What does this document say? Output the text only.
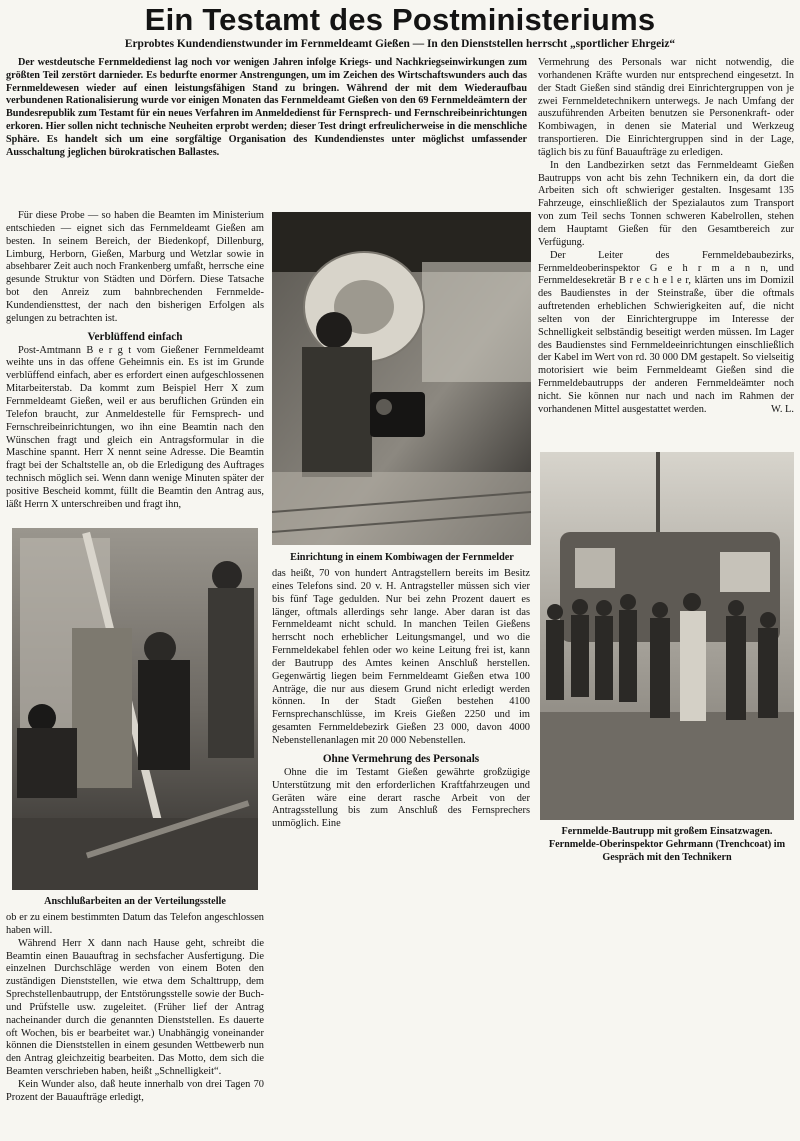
Ein Testamt des Postministeriums
Erprobtes Kundendienstwunder im Fernmeldeamt Gießen — In den Dienststellen herrscht „sportlicher Ehrgeiz“

Der westdeutsche Fernmeldedienst lag noch vor wenigen Jahren infolge Kriegs- und Nachkriegseinwirkungen zum größten Teil zerstört darnieder. Es bedurfte enormer Anstrengungen, um im Zeichen des Wirtschaftswunders auch das Fernmeldewesen wieder auf einen leistungsfähigen Stand zu bringen. Während der mit dem Wiederaufbau verbundenen Rationalisierung wurde vor einigen Monaten das Fernmeldeamt Gießen von den 69 Fernmeldeämtern der Bundesrepublik zum Testamt für ein neues Verfahren im Anmeldedienst für Fernsprech- und Fernschreibeinrichtungen erkoren. Hier sollen nicht technische Neuheiten erprobt werden; dieser Test dringt erfreulicherweise in die menschliche Sphäre. Es handelt sich um eine sorgfältige Organisation des Kundendienstes unter möglichst umfassender Ausschaltung jeglichen bürokratischen Ballastes.

Für diese Probe — so haben die Beamten im Ministerium entschieden — eignet sich das Fernmeldeamt Gießen am besten. In seinem Bereich, der Biedenkopf, Dillenburg, Limburg, Herborn, Gießen, Marburg und Wetzlar sowie in absehbarer Zeit auch noch Frankenberg umfaßt, herrsche eine gesunde Struktur von Städten und Dörfern. Diese Tatsache bot den Anreiz zum bahnbrechenden Fernmelde-Kundendiensttest, der nach den bisherigen Erfolgen als gelungen zu betrachten ist.

Verblüffend einfach

Post-Amtmann B e r g t vom Gießener Fernmeldeamt weihte uns in das offene Geheimnis ein. Es ist im Grunde verblüffend einfach, aber es erfordert einen aufgeschlossenen Mitarbeiterstab. Da kommt zum Beispiel Herr X zum Fernmeldeamt Gießen, weil er aus beruflichen Gründen ein Telefon braucht, zur Anmeldestelle für Fernsprech- und Fernschreibeinrichtungen, wo ihn eine Beamtin nach den Wünschen fragt und gleich ein Antragsformular in die Maschine spannt. Herr X nennt seine Adresse. Die Beamtin fragt bei der Schaltstelle an, ob die Erledigung des Auftrages technisch möglich sei. Wenn dann wenige Minuten später der positive Bescheid kommt, füllt die Beamtin den Antrag aus, läßt Herrn X unterschreiben und fragt ihn,

Anschlußarbeiten an der Verteilungsstelle

ob er zu einem bestimmten Datum das Telefon angeschlossen haben will.

Während Herr X dann nach Hause geht, schreibt die Beamtin einen Bauauftrag in sechsfacher Ausfertigung. Die einzelnen Durchschläge werden von einem Boten den zuständigen Dienststellen, wie etwa dem Schalttrupp, dem Sprechstellenbautrupp, der Entstörungsstelle sowie der Buch- und Prüfstelle usw. zugeleitet. (Früher lief der Antrag nacheinander durch die genannten Dienststellen. Es dauerte oft Wochen, bis er bearbeitet war.) Unabhängig voneinander können die Dienststellen in einem gesunden Wettbewerb nun den Antrag gleichzeitig bearbeiten. Das Motto, dem sich die Beamten verschrieben haben, heißt „Schnelligkeit“.

Kein Wunder also, daß heute innerhalb von drei Tagen 70 Prozent der Bauaufträge erledigt,

Einrichtung in einem Kombiwagen der Fernmelder

das heißt, 70 von hundert Antragstellern bereits im Besitz eines Telefons sind. 20 v. H. Antragsteller müssen sich vier bis fünf Tage gedulden. Nur bei zehn Prozent dauert es länger, oftmals allerdings sehr lange. Aber daran ist das Fernmeldeamt nicht schuld. In manchen Teilen Gießens herrscht noch erheblicher Leitungsmangel, und wo die Fernmeldekabel fehlen oder wo keine Leitung frei ist, kann der Bautrupp des Amtes keinen Anschluß herstellen. Gegenwärtig liegen beim Fernmeldeamt Gießen etwa 100 Anträge, die nur aus diesem Grund nicht erledigt werden können. In der Stadt Gießen bestehen 4100 Fernsprechanschlüsse, im Kreis Gießen 2250 und im gesamten Fernmeldebezirk Gießen 23 000, davon 4000 Nebenstellenanlagen mit 20 000 Nebenstellen.

Ohne Vermehrung des Personals

Ohne die im Testamt Gießen gewährte großzügige Unterstützung mit den erforderlichen Kraftfahrzeugen und Geräten wäre eine derart rasche Arbeit von der Antragsstellung bis zum Anschluß des Fernsprechers unmöglich. Eine

Vermehrung des Personals war nicht notwendig, die vorhandenen Kräfte wurden nur entsprechend eingesetzt. In der Stadt Gießen sind ständig drei Einrichtergruppen von je zwei Fernmeldetechnikern unterwegs. Je nach Umfang der auszuführenden Arbeiten benutzen sie Personenkraft- oder Kombiwagen, in denen sie Material und Werkzeug transportieren. Die Einrichtergruppen sind in der Lage, täglich bis zu fünf Bauaufträge zu erledigen.

In den Landbezirken setzt das Fernmeldeamt Gießen Bautrupps von acht bis zehn Technikern ein, da dort die Arbeiten sich oft schwieriger gestalten. Insgesamt 135 Fahrzeuge, einschließlich der Spezialautos zum Transport von zum Teil sechs Tonnen schweren Kabelrollen, stehen dem Hauptamt Gießen für den Gesamtbereich zur Verfügung.

Der Leiter des Fernmeldebaubezirks, Fernmeldeoberinspektor G e h r m a n n, und Fernmeldesekretär B r e c h e l e r, klärten uns im Domizil des Baudienstes in der Steinstraße, über die oftmals auftretenden erheblichen Schwierigkeiten auf, die nicht selten von der Einrichtergruppe im Interesse der Schnelligkeit selbständig beseitigt werden müssen. Im Lager des Baudienstes sind Fernmeldeeinrichtungen einschließlich der Kabel im Wert von rd. 30 000 DM gestapelt. So vielseitig motorisiert wie beim Fernmeldeamt Gießen sind die Fernmeldebautrupps der anderen Fernmeldeämter noch nicht. Sie können nur nach und nach im Rahmen der vorhandenen Mittel ausgestattet werden.	W. L.

Fernmelde-Bautrupp mit großem Einsatzwagen. Fernmelde-Oberinspektor Gehrmann (Trenchcoat) im Gespräch mit den Technikern
